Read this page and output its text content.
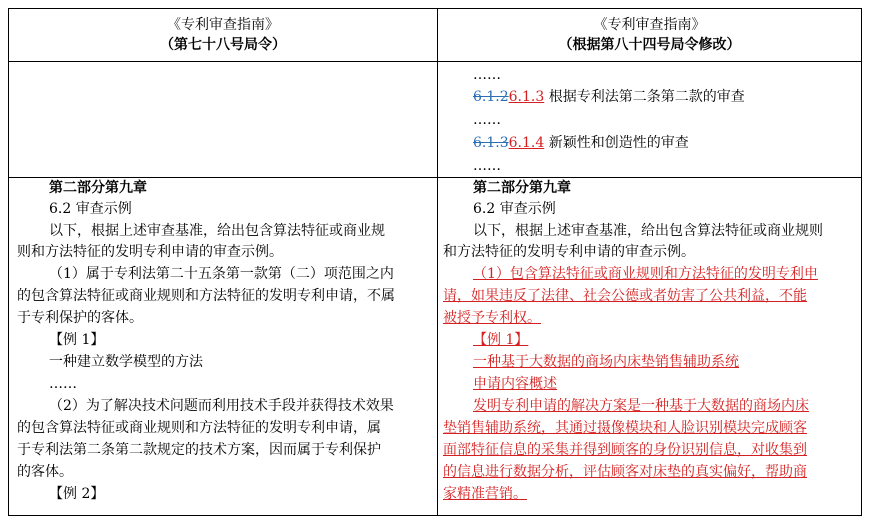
《专利审查指南》
（第七十八号局令）
《专利审查指南》
（根据第八十四号局令修改）
……
6.1.26.1.3 根据专利法第二条第二款的审查
……
6.1.36.1.4 新颖性和创造性的审查
……
第二部分第九章
6.2 审查示例
以下，根据上述审查基准，给出包含算法特征或商业规
则和方法特征的发明专利申请的审查示例。
（1）属于专利法第二十五条第一款第（二）项范围之内
的包含算法特征或商业规则和方法特征的发明专利申请，不属
于专利保护的客体。
【例 1】
一种建立数学模型的方法
……
（2）为了解决技术问题而利用技术手段并获得技术效果
的包含算法特征或商业规则和方法特征的发明专利申请，属
于专利法第二条第二款规定的技术方案，因而属于专利保护
的客体。
【例 2】
第二部分第九章
6.2 审查示例
以下，根据上述审查基准，给出包含算法特征或商业规则
和方法特征的发明专利申请的审查示例。
（1）包含算法特征或商业规则和方法特征的发明专利申
请，如果违反了法律、社会公德或者妨害了公共利益，不能
被授予专利权。
【例 1】
一种基于大数据的商场内床垫销售辅助系统
申请内容概述
发明专利申请的解决方案是一种基于大数据的商场内床
垫销售辅助系统，其通过摄像模块和人脸识别模块完成顾客
面部特征信息的采集并得到顾客的身份识别信息，对收集到
的信息进行数据分析，评估顾客对床垫的真实偏好，帮助商
家精准营销。
